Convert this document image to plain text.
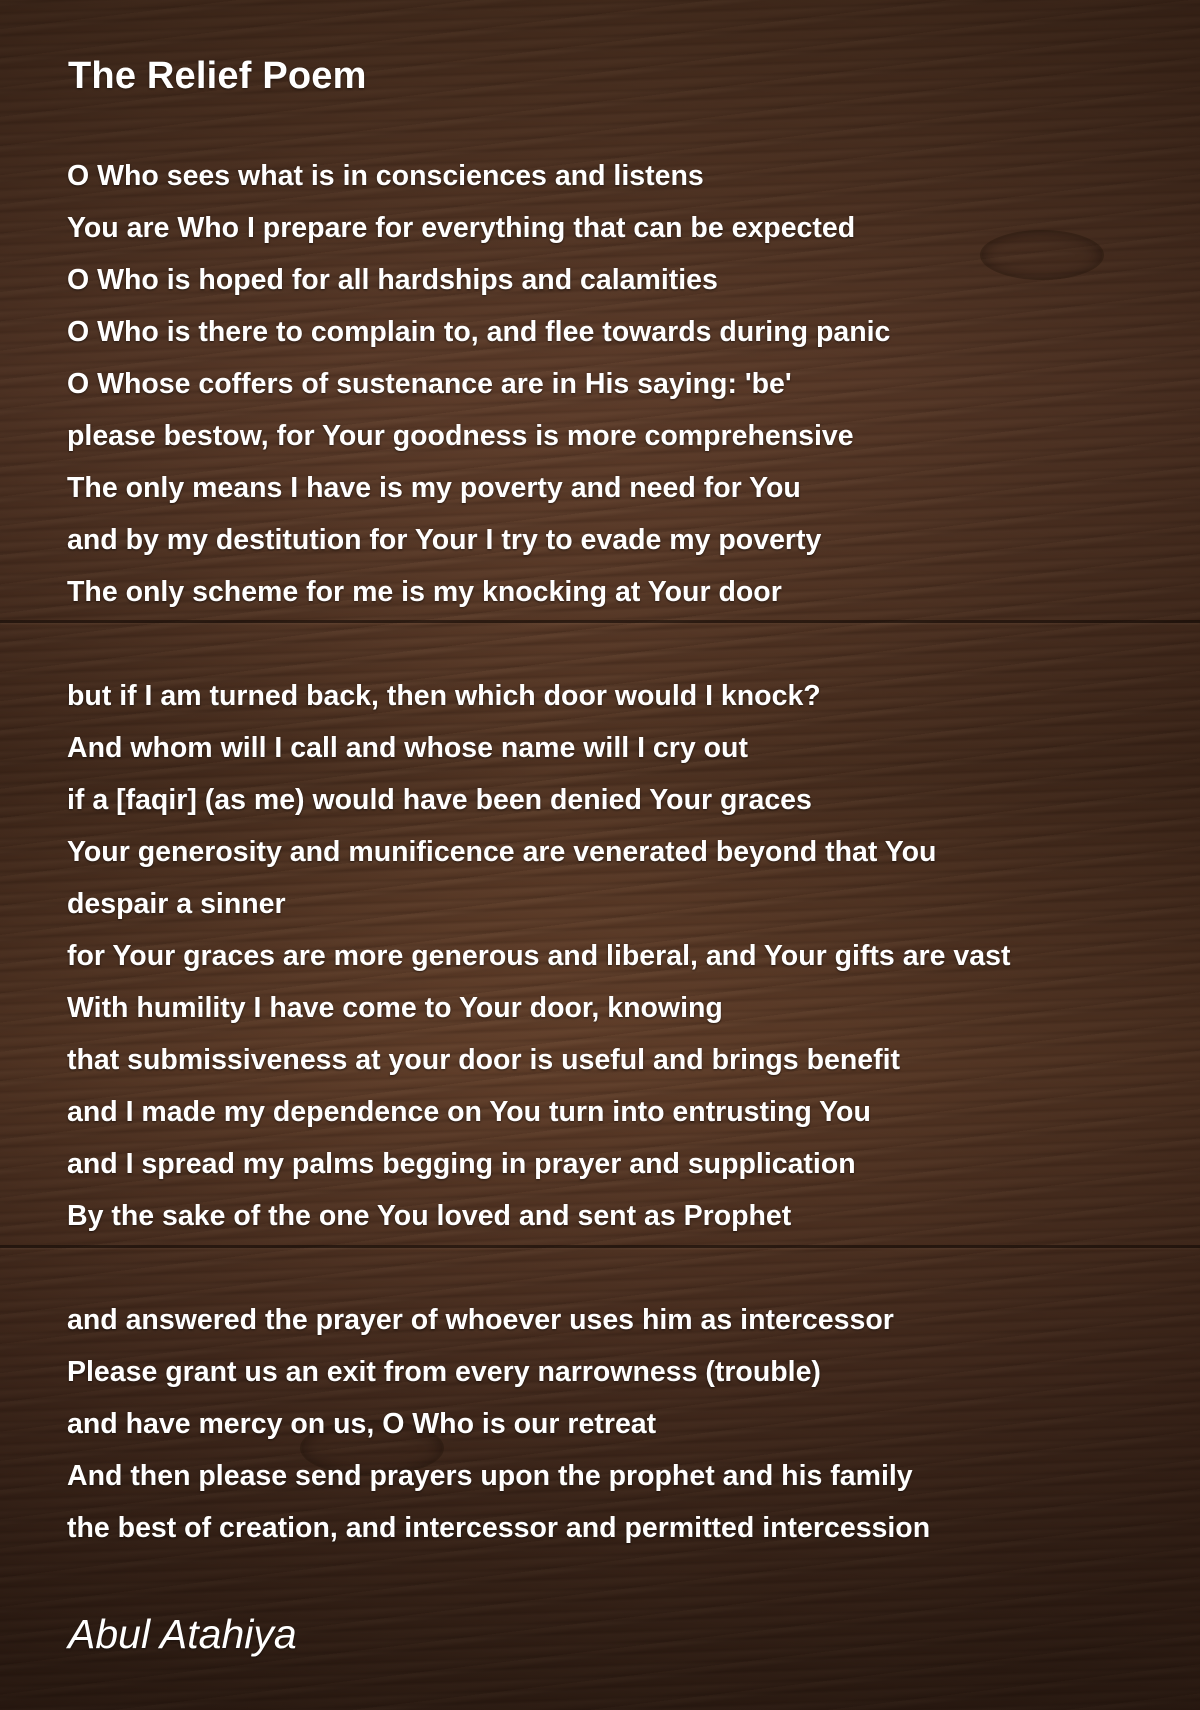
The Relief Poem
O Who sees what is in consciences and listens
You are Who I prepare for everything that can be expected
O Who is hoped for all hardships and calamities
O Who is there to complain to, and flee towards during panic
O Whose coffers of sustenance are in His saying: 'be'
please bestow, for Your goodness is more comprehensive
The only means I have is my poverty and need for You
and by my destitution for Your I try to evade my poverty
The only scheme for me is my knocking at Your door
but if I am turned back, then which door would I knock?
And whom will I call and whose name will I cry out
if a [faqir] (as me) would have been denied Your graces
Your generosity and munificence are venerated beyond that You
despair a sinner
for Your graces are more generous and liberal, and Your gifts are vast
With humility I have come to Your door, knowing
that submissiveness at your door is useful and brings benefit
and I made my dependence on You turn into entrusting You
and I spread my palms begging in prayer and supplication
By the sake of the one You loved and sent as Prophet
and answered the prayer of whoever uses him as intercessor
Please grant us an exit from every narrowness (trouble)
and have mercy on us, O Who is our retreat
And then please send prayers upon the prophet and his family
the best of creation, and intercessor and permitted intercession

Abul Atahiya
